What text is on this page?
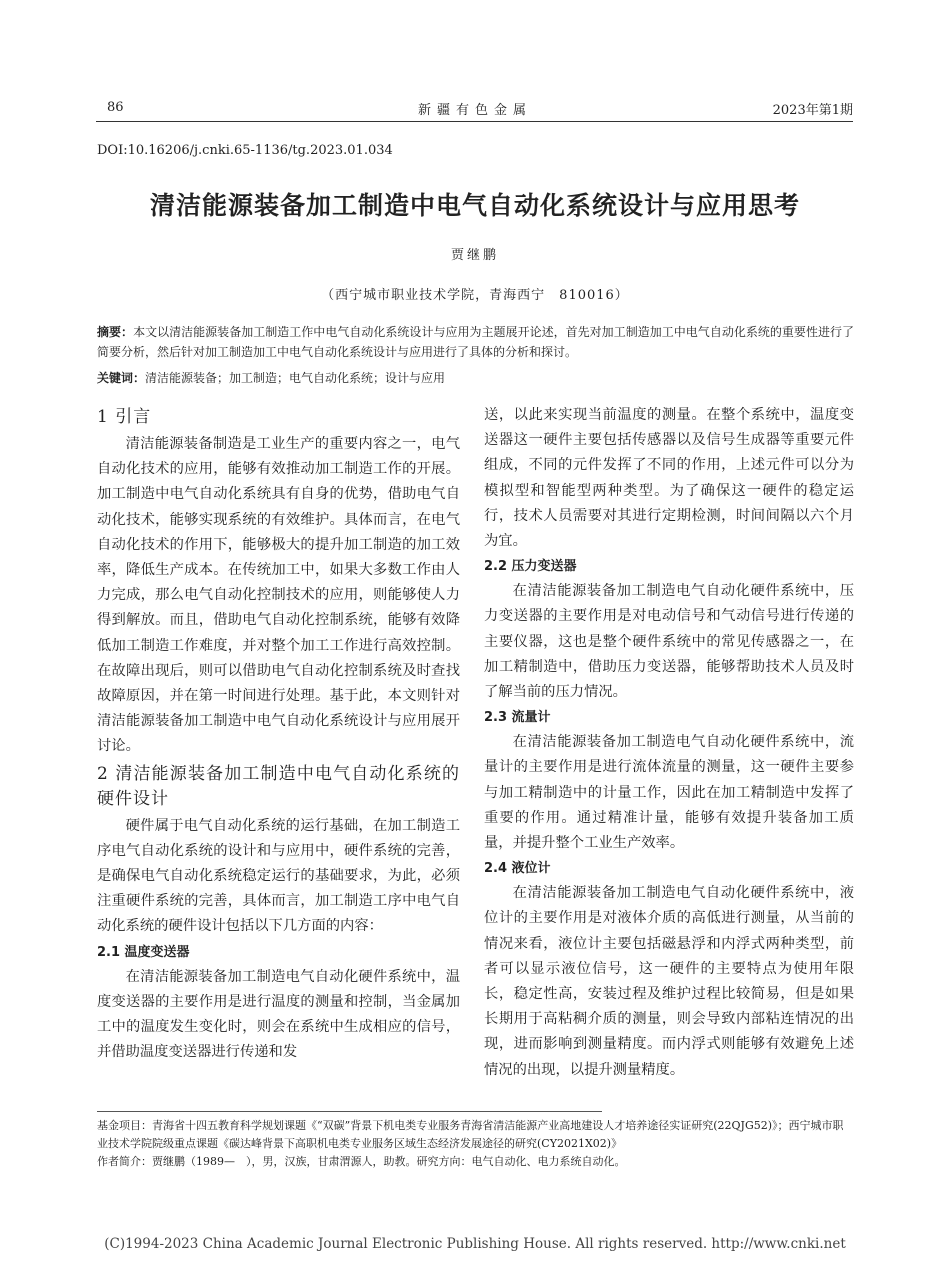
86	新疆有色金属	2023年第1期
DOI:10.16206/j.cnki.65-1136/tg.2023.01.034
清洁能源装备加工制造中电气自动化系统设计与应用思考
贾继鹏
（西宁城市职业技术学院，青海西宁　810016）
摘要：本文以清洁能源装备加工制造工作中电气自动化系统设计与应用为主题展开论述，首先对加工制造加工中电气自动化系统的重要性进行了简要分析，然后针对加工制造加工中电气自动化系统设计与应用进行了具体的分析和探讨。
关键词：清洁能源装备；加工制造；电气自动化系统；设计与应用
1 引言

清洁能源装备制造是工业生产的重要内容之一，电气自动化技术的应用，能够有效推动加工制造工作的开展。加工制造中电气自动化系统具有自身的优势，借助电气自动化技术，能够实现系统的有效维护。具体而言，在电气自动化技术的作用下，能够极大的提升加工制造的加工效率，降低生产成本。在传统加工中，如果大多数工作由人力完成，那么电气自动化控制技术的应用，则能够使人力得到解放。而且，借助电气自动化控制系统，能够有效降低加工制造工作难度，并对整个加工工作进行高效控制。在故障出现后，则可以借助电气自动化控制系统及时查找故障原因，并在第一时间进行处理。基于此，本文则针对清洁能源装备加工制造中电气自动化系统设计与应用展开讨论。

2 清洁能源装备加工制造中电气自动化系统的硬件设计

硬件属于电气自动化系统的运行基础，在加工制造工序电气自动化系统的设计和与应用中，硬件系统的完善，是确保电气自动化系统稳定运行的基础要求，为此，必须注重硬件系统的完善，具体而言，加工制造工序中电气自动化系统的硬件设计包括以下几方面的内容：

2.1 温度变送器

在清洁能源装备加工制造电气自动化硬件系统中，温度变送器的主要作用是进行温度的测量和控制，当金属加工中的温度发生变化时，则会在系统中生成相应的信号，并借助温度变送器进行传递和发

送，以此来实现当前温度的测量。在整个系统中，温度变送器这一硬件主要包括传感器以及信号生成器等重要元件组成，不同的元件发挥了不同的作用，上述元件可以分为模拟型和智能型两种类型。为了确保这一硬件的稳定运行，技术人员需要对其进行定期检测，时间间隔以六个月为宜。

2.2 压力变送器

在清洁能源装备加工制造电气自动化硬件系统中，压力变送器的主要作用是对电动信号和气动信号进行传递的主要仪器，这也是整个硬件系统中的常见传感器之一，在加工精制造中，借助压力变送器，能够帮助技术人员及时了解当前的压力情况。

2.3 流量计

在清洁能源装备加工制造电气自动化硬件系统中，流量计的主要作用是进行流体流量的测量，这一硬件主要参与加工精制造中的计量工作，因此在加工精制造中发挥了重要的作用。通过精准计量，能够有效提升装备加工质量，并提升整个工业生产效率。

2.4 液位计

在清洁能源装备加工制造电气自动化硬件系统中，液位计的主要作用是对液体介质的高低进行测量，从当前的情况来看，液位计主要包括磁悬浮和内浮式两种类型，前者可以显示液位信号，这一硬件的主要特点为使用年限长，稳定性高，安装过程及维护过程比较简易，但是如果长期用于高粘稠介质的测量，则会导致内部粘连情况的出现，进而影响到测量精度。而内浮式则能够有效避免上述情况的出现，以提升测量精度。

基金项目：青海省十四五教育科学规划课题《“双碳”背景下机电类专业服务青海省清洁能源产业高地建设人才培养途径实证研究(22QJG52)》；西宁城市职业技术学院院级重点课题《碳达峰背景下高职机电类专业服务区域生态经济发展途径的研究(CY2021X02)》
作者简介：贾继鹏（1989—　），男，汉族，甘肃渭源人，助教。研究方向：电气自动化、电力系统自动化。
(C)1994-2023 China Academic Journal Electronic Publishing House. All rights reserved. http://www.cnki.net
